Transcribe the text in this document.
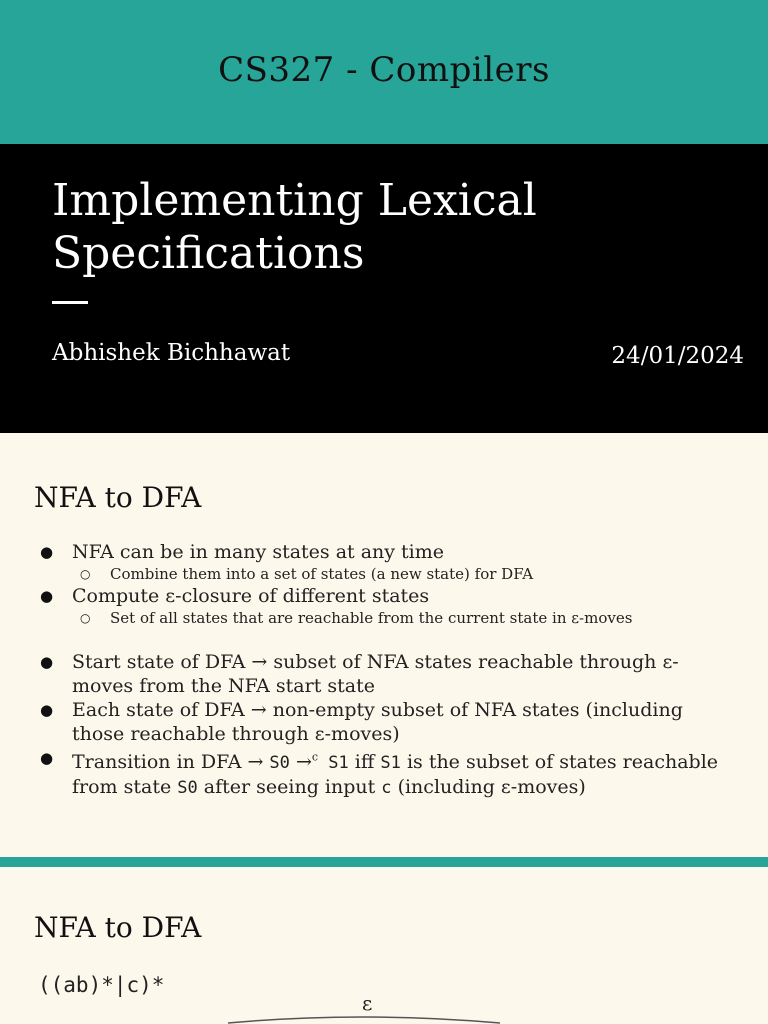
CS327 - Compilers
Implementing Lexical
Specifications
Abhishek Bichhawat	24/01/2024
NFA to DFA
● NFA can be in many states at any time
○ Combine them into a set of states (a new state) for DFA
● Compute ε-closure of different states
○ Set of all states that are reachable from the current state in ε-moves
● Start state of DFA → subset of NFA states reachable through ε-moves from the NFA start state
● Each state of DFA → non-empty subset of NFA states (including those reachable through ε-moves)
● Transition in DFA → S0 →$^c$ S1 iff S1 is the subset of states reachable from state S0 after seeing input c (including ε-moves)
NFA to DFA
((ab)*|c)*
ε
